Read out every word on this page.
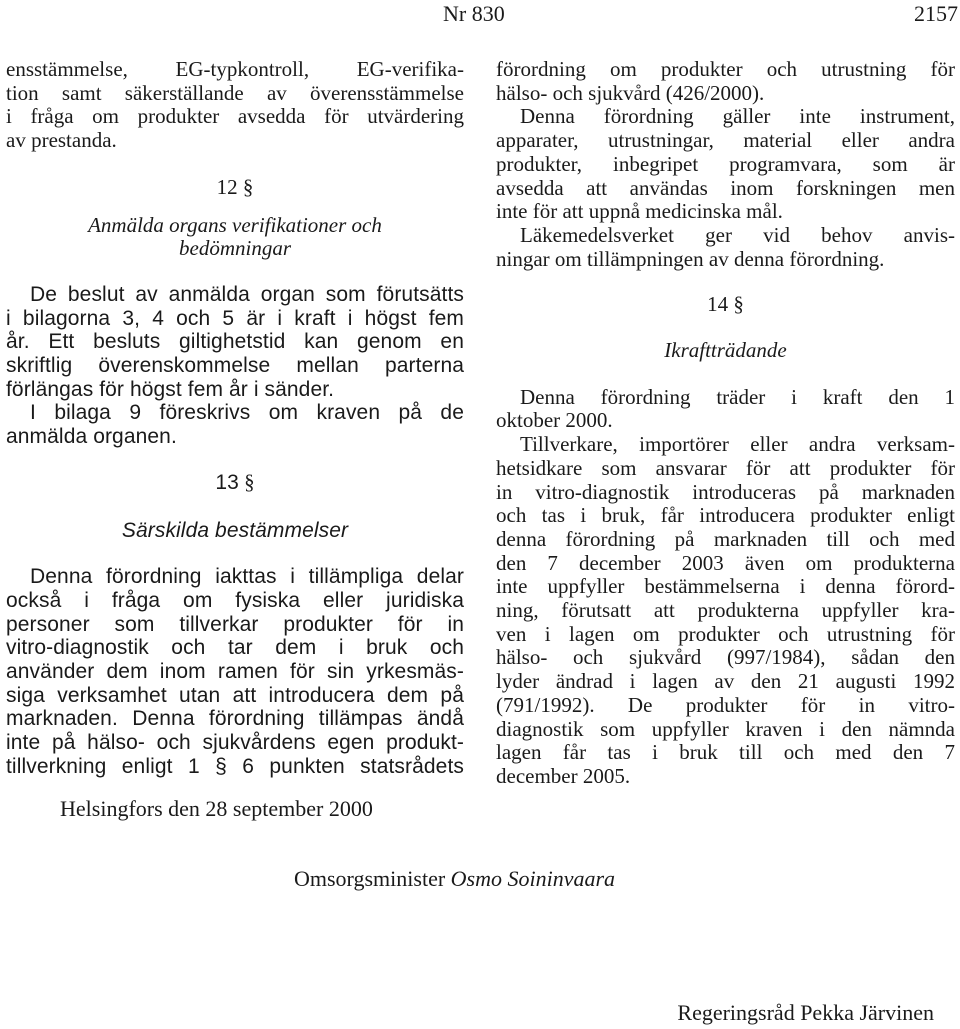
Nr 830	2157

ensstämmelse, EG-typkontroll, EG-verifika-
tion samt säkerställande av överensstämmelse
i fråga om produkter avsedda för utvärdering
av prestanda.

12 §

Anmälda organs verifikationer och
bedömningar

De beslut av anmälda organ som förutsätts
i bilagorna 3, 4 och 5 är i kraft i högst fem
år. Ett besluts giltighetstid kan genom en
skriftlig överenskommelse mellan parterna
förlängas för högst fem år i sänder.

I bilaga 9 föreskrivs om kraven på de
anmälda organen.

13 §

Särskilda bestämmelser

Denna förordning iakttas i tillämpliga delar
också i fråga om fysiska eller juridiska
personer som tillverkar produkter för in
vitro-diagnostik och tar dem i bruk och
använder dem inom ramen för sin yrkesmäs-
siga verksamhet utan att introducera dem på
marknaden. Denna förordning tillämpas ändå
inte på hälso- och sjukvårdens egen produkt-
tillverkning enligt 1 § 6 punkten statsrådets

förordning om produkter och utrustning för
hälso- och sjukvård (426/2000).

Denna förordning gäller inte instrument,
apparater, utrustningar, material eller andra
produkter, inbegripet programvara, som är
avsedda att användas inom forskningen men
inte för att uppnå medicinska mål.

Läkemedelsverket ger vid behov anvis-
ningar om tillämpningen av denna förordning.

14 §

Ikraftträdande

Denna förordning träder i kraft den 1
oktober 2000.

Tillverkare, importörer eller andra verksam-
hetsidkare som ansvarar för att produkter för
in vitro-diagnostik introduceras på marknaden
och tas i bruk, får introducera produkter enligt
denna förordning på marknaden till och med
den 7 december 2003 även om produkterna
inte uppfyller bestämmelserna i denna förord-
ning, förutsatt att produkterna uppfyller kra-
ven i lagen om produkter och utrustning för
hälso- och sjukvård (997/1984), sådan den
lyder ändrad i lagen av den 21 augusti 1992
(791/1992). De produkter för in vitro-
diagnostik som uppfyller kraven i den nämnda
lagen får tas i bruk till och med den 7
december 2005.

Helsingfors den 28 september 2000
Omsorgsminister Osmo Soininvaara
Regeringsråd Pekka Järvinen
